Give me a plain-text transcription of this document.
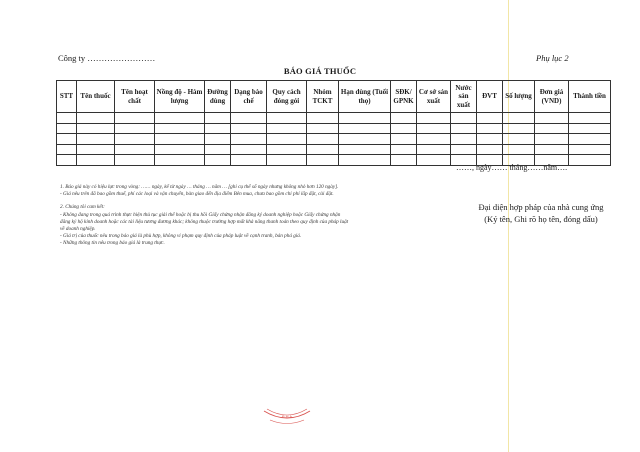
Công ty ……………………	Phụ lục 2
BÁO GIÁ THUỐC
STT	Tên thuốc	Tên hoạt chất	Nồng độ - Hàm lượng	Đường dùng	Dạng bào chế	Quy cách đóng gói	Nhóm TCKT	Hạn dùng (Tuổi thọ)	SĐK/ GPNK	Cơ sở sản xuất	Nước sản xuất	ĐVT	Số lượng	Đơn giá (VND)	Thành tiền

……, ngày…… tháng……năm….

1. Báo giá này có hiệu lực trong vòng: …… ngày, kể từ ngày … tháng … năm … [ghi cụ thể số ngày nhưng không nhỏ hơn 120 ngày].

- Giá nêu trên đã bao gồm thuế, phí các loại và vận chuyển, bàn giao đến địa điểm Bên mua, chưa bao gồm chi phí lắp đặt, cài đặt.

2. Chúng tôi cam kết:

- Không đang trong quá trình thực hiện thủ tục giải thể hoặc bị thu hồi Giấy chứng nhận đăng ký doanh nghiệp hoặc Giấy chứng nhận đăng ký hộ kinh doanh hoặc các tài liệu tương đương khác; không thuộc trường hợp mất khả năng thanh toán theo quy định của pháp luật về doanh nghiệp.

- Giá trị của thuốc nêu trong báo giá là phù hợp, không vi phạm quy định của pháp luật về cạnh tranh, bán phá giá.

- Những thông tin nêu trong báo giá là trung thực.

Đại diện hợp pháp của nhà cung ứng
(Ký tên, Ghi rõ họ tên, đóng dấu)
P H A
